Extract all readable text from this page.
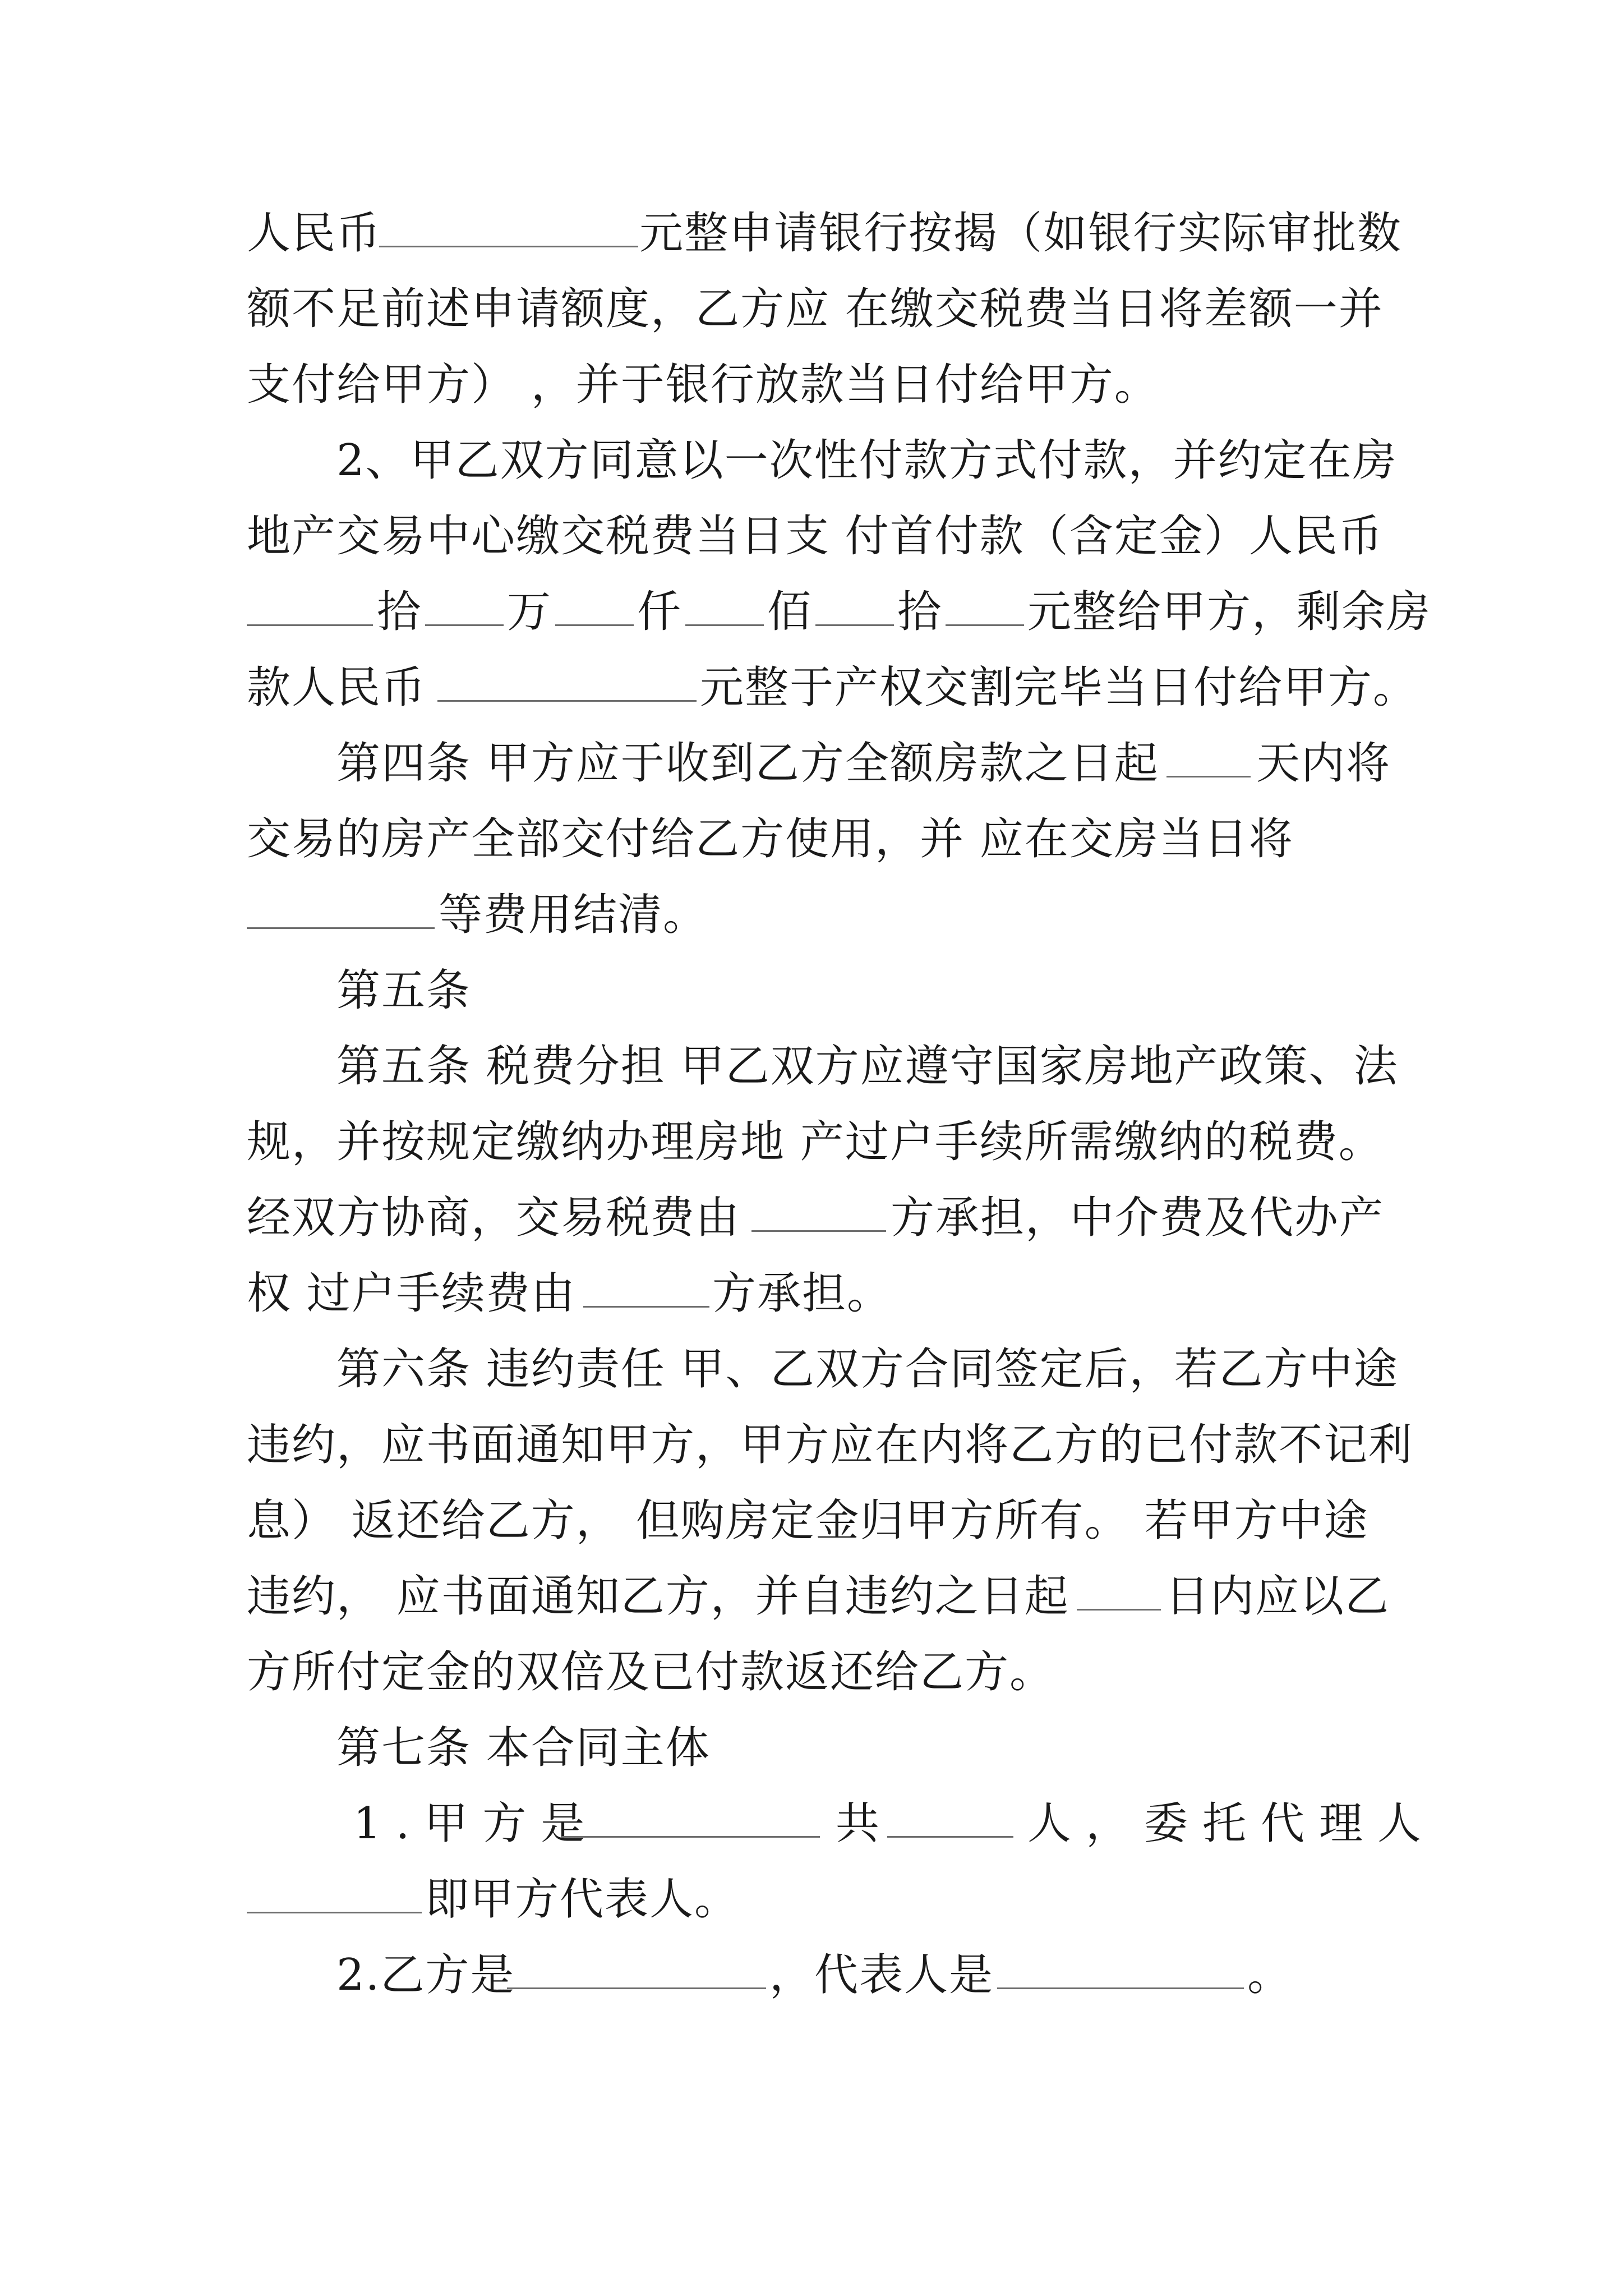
人民币	元整申请银行按揭（如银行实际审批数
额不足前述申请额度，乙方应 在缴交税费当日将差额一并
支付给甲方） ，并于银行放款当日付给甲方。
2、甲乙双方同意以一次性付款方式付款，并约定在房
地产交易中心缴交税费当日支 付首付款（含定金）人民币
拾 万 仟 佰 拾 元整给甲方，剩余房
款人民币	元整于产权交割完毕当日付给甲方。
第四条 甲方应于收到乙方全额房款之日起 天内将
交易的房产全部交付给乙方使用，并 应在交房当日将
等费用结清。
第五条
第五条 税费分担 甲乙双方应遵守国家房地产政策、法
规，并按规定缴纳办理房地 产过户手续所需缴纳的税费。
经双方协商，交易税费由	方承担，中介费及代办产
权 过户手续费由	方承担。
第六条 违约责任 甲、乙双方合同签定后，若乙方中途
违约，应书面通知甲方，甲方应在内将乙方的已付款不记利
息） 返还给乙方， 但购房定金归甲方所有。 若甲方中途
违约， 应书面通知乙方，并自违约之日起 日内应以乙
方所付定金的双倍及已付款返还给乙方。
第七条 本合同主体
1.甲方是	共	人，委托代理人
即甲方代表人。
2.乙方是	，代表人是	。
